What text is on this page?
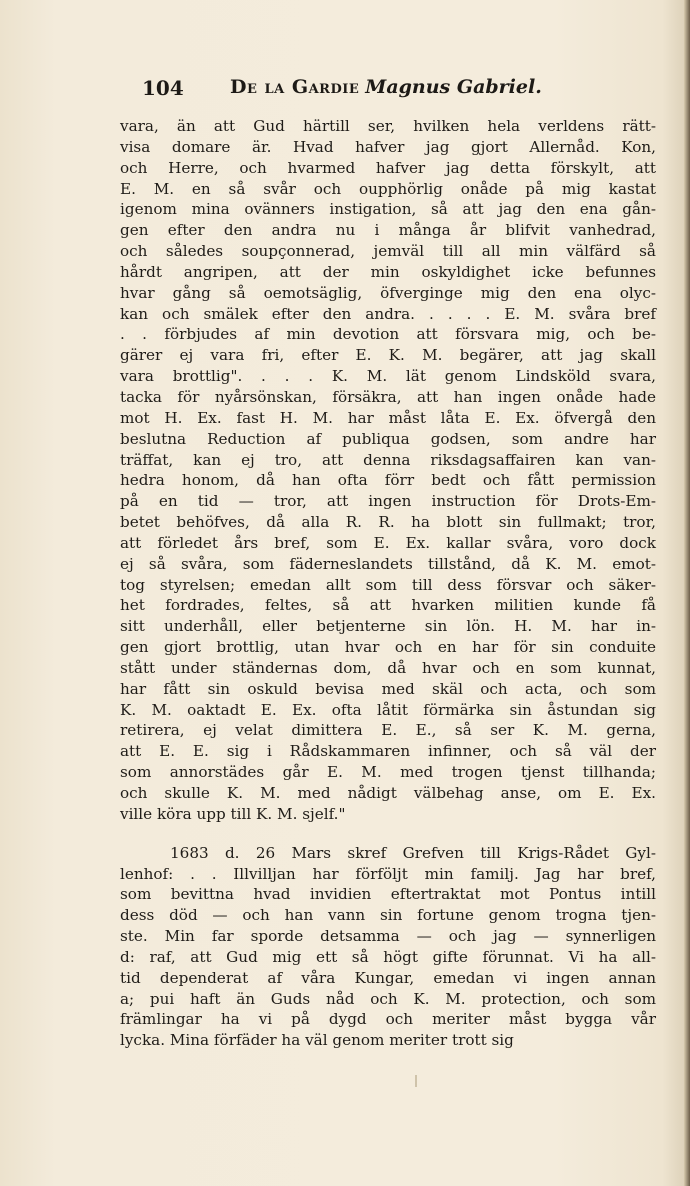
104 De la Gardie Magnus Gabriel.
vara, än att Gud härtill ser, hvilken hela verldens rätt-
visa domare är. Hvad hafver jag gjort Allernåd. Kon,
och Herre, och hvarmed hafver jag detta förskylt, att
E. M. en så svår och oupphörlig onåde på mig kastat
igenom mina ovänners instigation, så att jag den ena gån-
gen efter den andra nu i många år blifvit vanhedrad,
och således soupçonnerad, jemväl till all min välfärd så
hårdt angripen, att der min oskyldighet icke befunnes
hvar gång så oemotsäglig, öfverginge mig den ena olyc-
kan och smälek efter den andra. . . . . E. M. svåra bref
. . förbjudes af min devotion att försvara mig, och be-
gärer ej vara fri, efter E. K. M. begärer, att jag skall
vara brottlig". . . . K. M. lät genom Lindsköld svara,
tacka för nyårsönskan, försäkra, att han ingen onåde hade
mot H. Ex. fast H. M. har måst låta E. Ex. öfvergå den
beslutna Reduction af publiqua godsen, som andre har
träffat, kan ej tro, att denna riksdagsaffairen kan van-
hedra honom, då han ofta förr bedt och fått permission
på en tid — tror, att ingen instruction för Drots-Em-
betet behöfves, då alla R. R. ha blott sin fullmakt; tror,
att förledet års bref, som E. Ex. kallar svåra, voro dock
ej så svåra, som fäderneslandets tillstånd, då K. M. emot-
tog styrelsen; emedan allt som till dess försvar och säker-
het fordrades, feltes, så att hvarken militien kunde få
sitt underhåll, eller betjenterne sin lön. H. M. har in-
gen gjort brottlig, utan hvar och en har för sin conduite
stått under ständernas dom, då hvar och en som kunnat,
har fått sin oskuld bevisa med skäl och acta, och som
K. M. oaktadt E. Ex. ofta låtit förmärka sin åstundan sig
retirera, ej velat dimittera E. E., så ser K. M. gerna,
att E. E. sig i Rådskammaren infinner, och så väl der
som annorstädes går E. M. med trogen tjenst tillhanda;
och skulle K. M. med nådigt välbehag anse, om E. Ex.
ville köra upp till K. M. sjelf."
1683 d. 26 Mars skref Grefven till Krigs-Rådet Gyl-
lenhof: . . Illvilljan har förföljt min familj. Jag har bref,
som bevittna hvad invidien eftertraktat mot Pontus intill
dess död — och han vann sin fortune genom trogna tjen-
ste. Min far sporde detsamma — och jag — synnerligen
d: raf, att Gud mig ett så högt gifte förunnat. Vi ha all-
tid dependerat af våra Kungar, emedan vi ingen annan
a; pui haft än Guds nåd och K. M. protection, och som
främlingar ha vi på dygd och meriter måst bygga vår
lycka. Mina förfäder ha väl genom meriter trott sig
